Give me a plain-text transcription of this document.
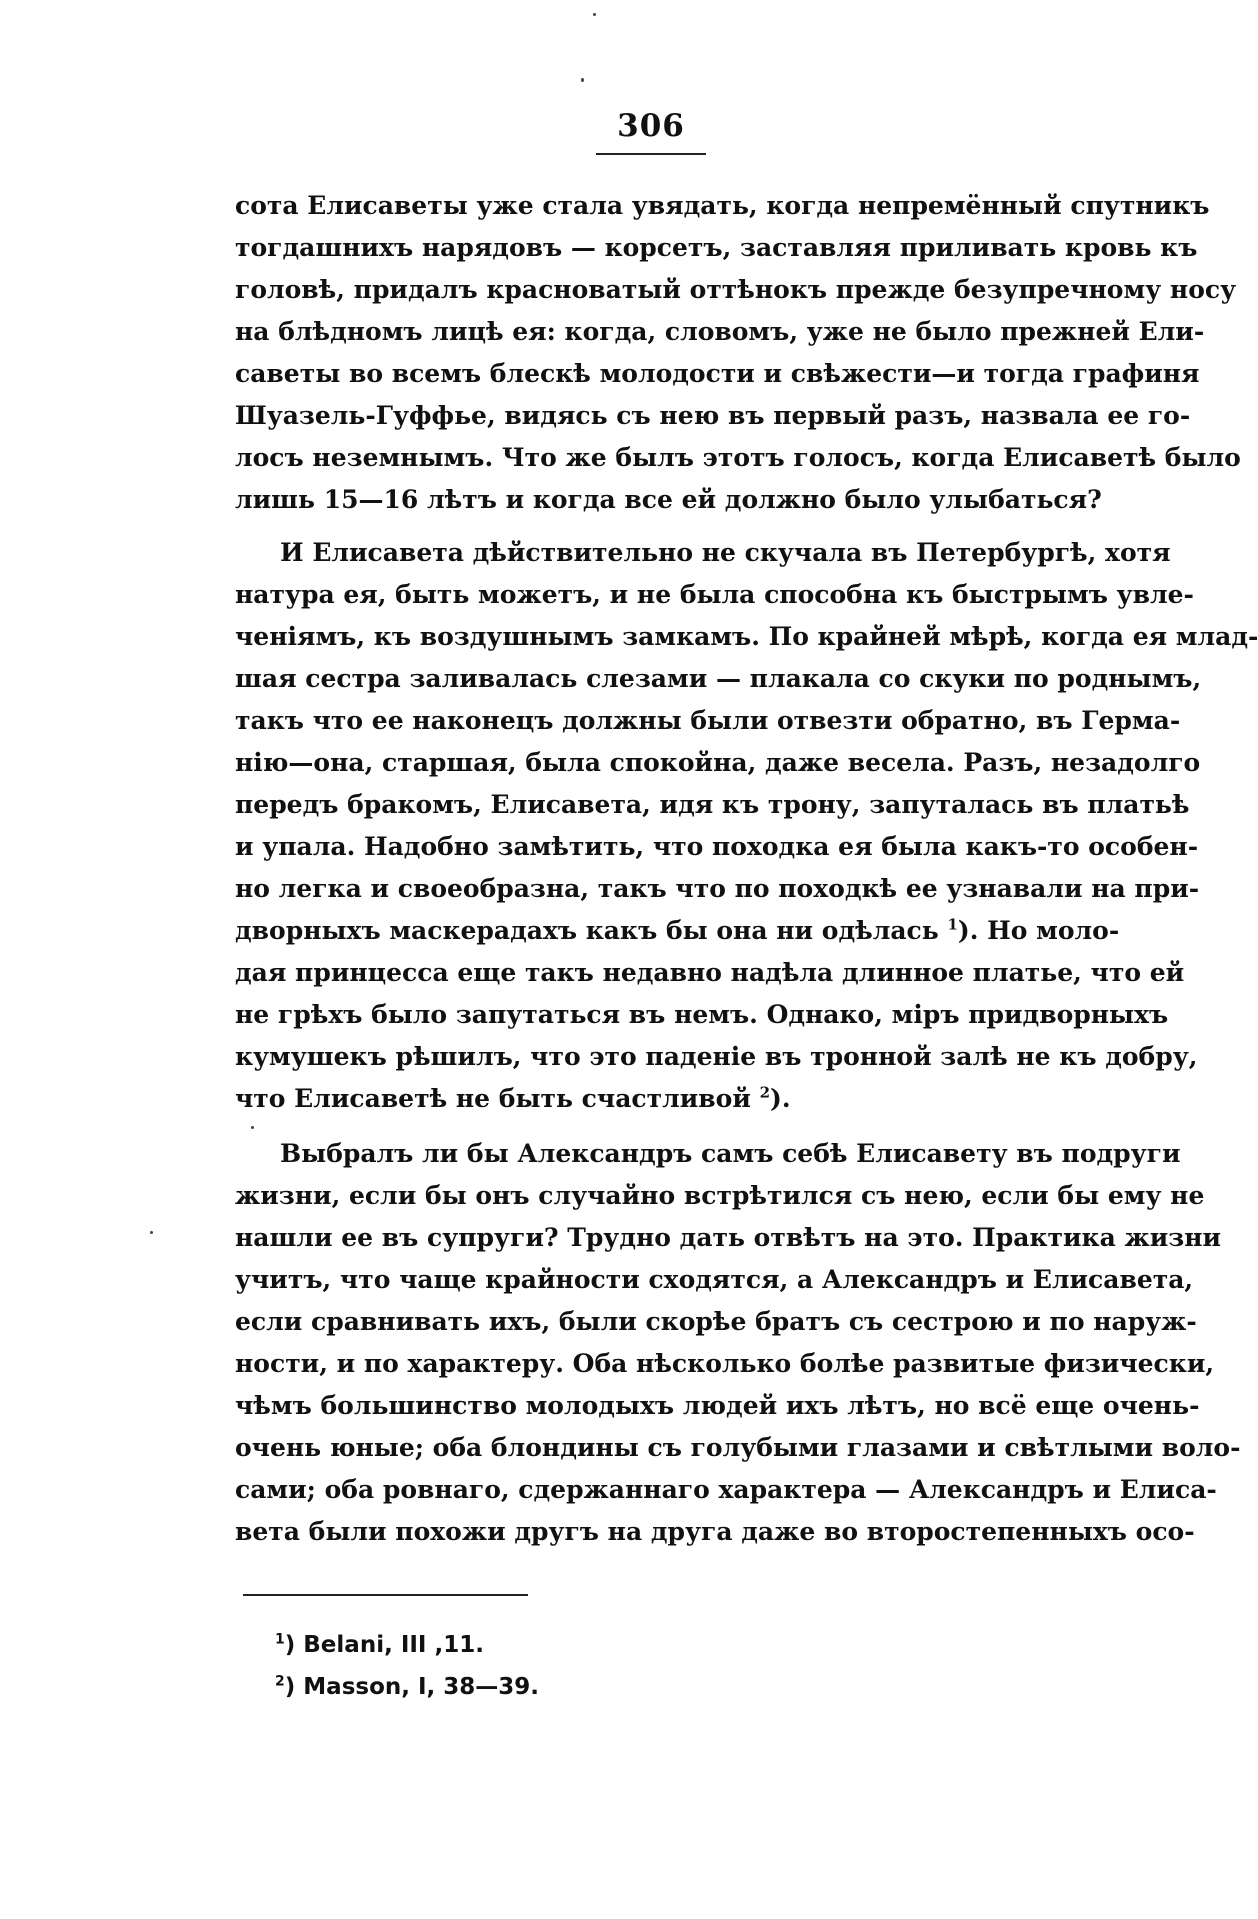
306
сота Елисаветы уже стала увядать, когда непремённый спутникъ
тогдашнихъ нарядовъ — корсетъ, заставляя приливать кровь къ
головѣ, придалъ красноватый оттѣнокъ прежде безупречному носу
на блѣдномъ лицѣ ея: когда, словомъ, уже не было прежней Ели-
саветы во всемъ блескѣ молодости и свѣжести—и тогда графиня
Шуазель-Гуффье, видясь съ нею въ первый разъ, назвала ее го-
лосъ неземнымъ. Что же былъ этотъ голосъ, когда Елисаветѣ было
лишь 15—16 лѣтъ и когда все ей должно было улыбаться?
И Елисавета дѣйствительно не скучала въ Петербургѣ, хотя
натура ея, быть можетъ, и не была способна къ быстрымъ увле-
ченіямъ, къ воздушнымъ замкамъ. По крайней мѣрѣ, когда ея млад-
шая сестра заливалась слезами — плакала со скуки по роднымъ,
такъ что ее наконецъ должны были отвезти обратно, въ Герма-
нію—она, старшая, была спокойна, даже весела. Разъ, незадолго
передъ бракомъ, Елисавета, идя къ трону, запуталась въ платьѣ
и упала. Надобно замѣтить, что походка ея была какъ-то особен-
но легка и своеобразна, такъ что по походкѣ ее узнавали на при-
дворныхъ маскерадахъ какъ бы она ни одѣлась $^1$). Но моло-
дая принцесса еще такъ недавно надѣла длинное платье, что ей
не грѣхъ было запутаться въ немъ. Однако, міръ придворныхъ
кумушекъ рѣшилъ, что это паденіе въ тронной залѣ не къ добру,
что Елисаветѣ не быть счастливой $^2$).
Выбралъ ли бы Александръ самъ себѣ Елисавету въ подруги
жизни, если бы онъ случайно встрѣтился съ нею, если бы ему не
нашли ее въ супруги? Трудно дать отвѣтъ на это. Практика жизни
учитъ, что чаще крайности сходятся, а Александръ и Елисавета,
если сравнивать ихъ, были скорѣе братъ съ сестрою и по наруж-
ности, и по характеру. Оба нѣсколько болѣе развитые физически,
чѣмъ большинство молодыхъ людей ихъ лѣтъ, но всё еще очень-
очень юные; оба блондины съ голубыми глазами и свѣтлыми воло-
сами; оба ровнаго, сдержаннаго характера — Александръ и Елиса-
вета были похожи другъ на друга даже во второстепенныхъ осо-
$^1$) Belani, III ,11.
$^2$) Masson, I, 38—39.
